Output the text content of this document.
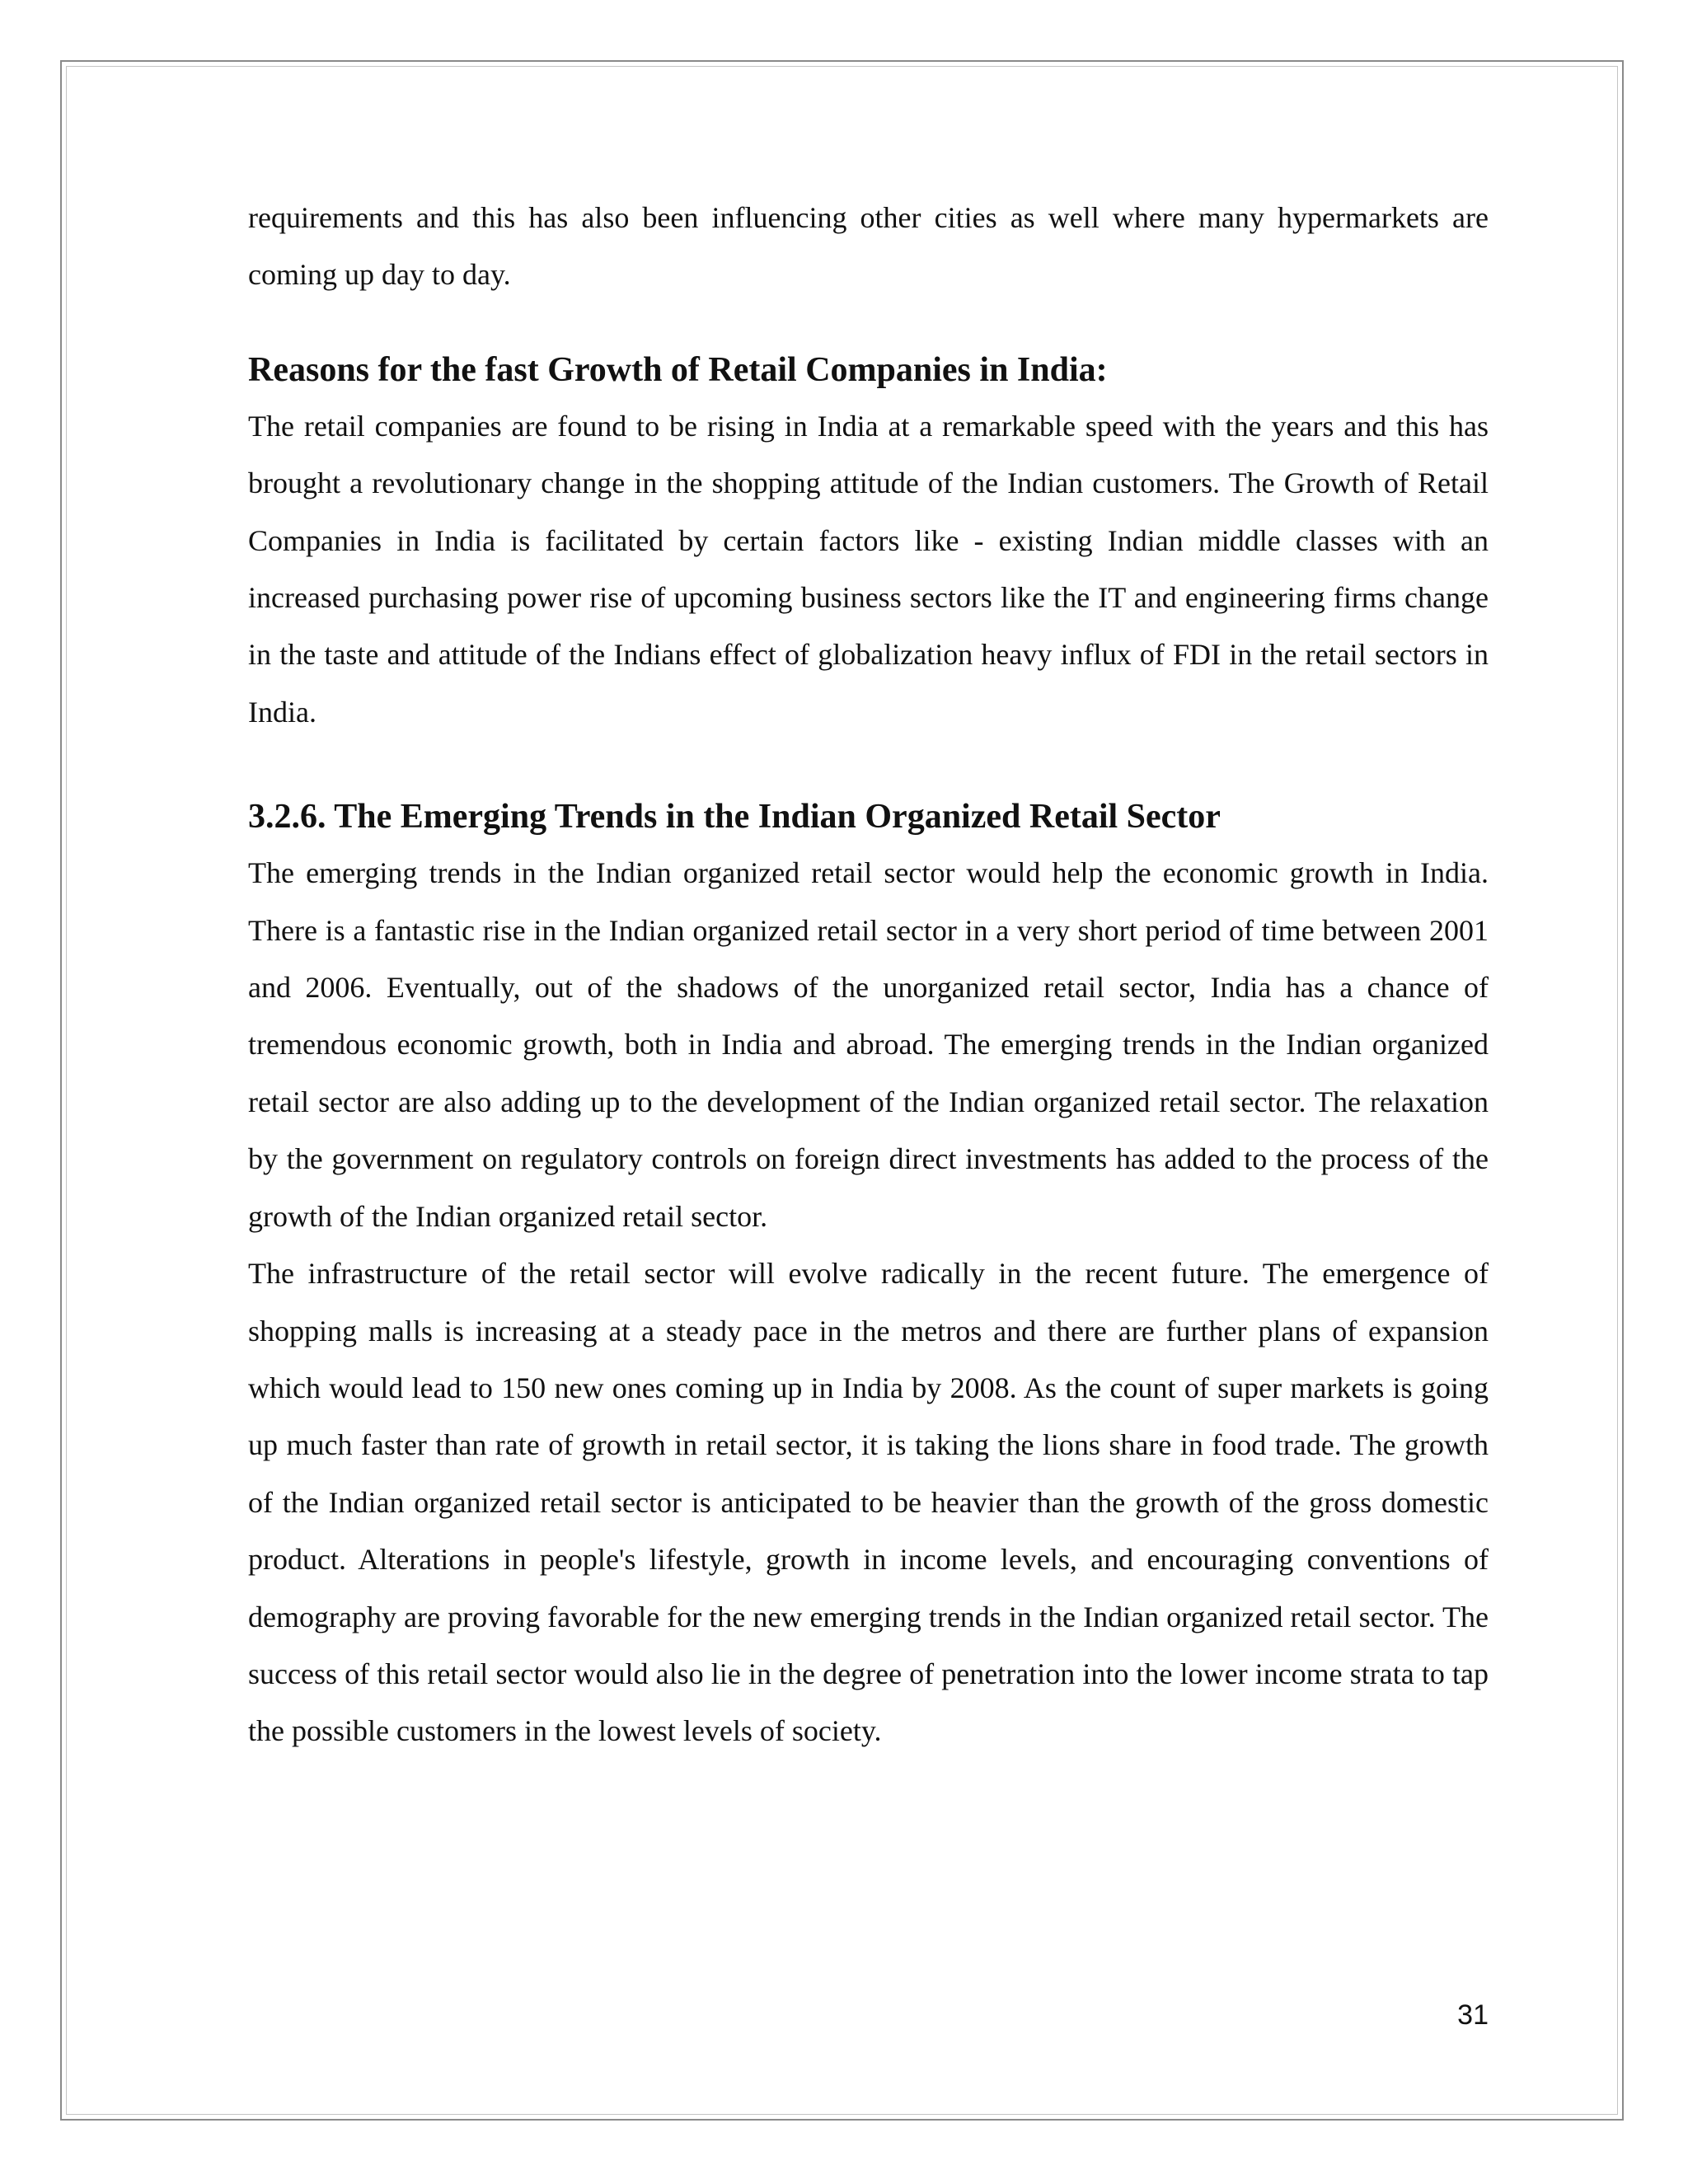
requirements and this has also been influencing other cities as well where many hypermarkets are coming up day to day.

Reasons for the fast Growth of Retail Companies in India:

The retail companies are found to be rising in India at a remarkable speed with the years and this has brought a revolutionary change in the shopping attitude of the Indian customers. The Growth of Retail Companies in India is facilitated by certain factors like - existing Indian middle classes with an increased purchasing power rise of upcoming business sectors like the IT and engineering firms change in the taste and attitude of the Indians effect of globalization heavy influx of FDI in the retail sectors in India.

3.2.6. The Emerging Trends in the Indian Organized Retail Sector

The emerging trends in the Indian organized retail sector would help the economic growth in India. There is a fantastic rise in the Indian organized retail sector in a very short period of time between 2001 and 2006. Eventually, out of the shadows of the unorganized retail sector, India has a chance of tremendous economic growth, both in India and abroad. The emerging trends in the Indian organized retail sector are also adding up to the development of the Indian organized retail sector. The relaxation by the government on regulatory controls on foreign direct investments has added to the process of the growth of the Indian organized retail sector.

The infrastructure of the retail sector will evolve radically in the recent future. The emergence of shopping malls is increasing at a steady pace in the metros and there are further plans of expansion which would lead to 150 new ones coming up in India by 2008. As the count of super markets is going up much faster than rate of growth in retail sector, it is taking the lions share in food trade. The growth of the Indian organized retail sector is anticipated to be heavier than the growth of the gross domestic product. Alterations in people's lifestyle, growth in income levels, and encouraging conventions of demography are proving favorable for the new emerging trends in the Indian organized retail sector. The success of this retail sector would also lie in the degree of penetration into the lower income strata to tap the possible customers in the lowest levels of society.

31
